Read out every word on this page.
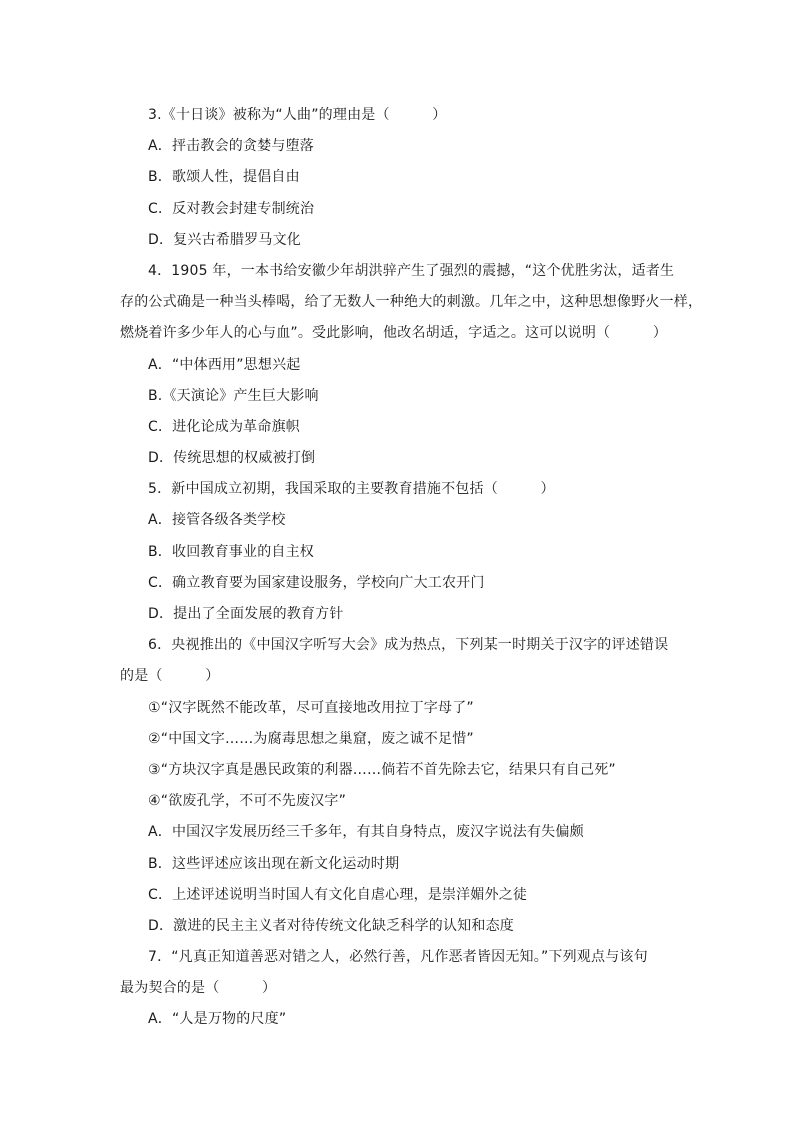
3.《十日谈》被称为“人曲”的理由是（　　　）
A．抨击教会的贪婪与堕落
B．歌颂人性，提倡自由
C．反对教会封建专制统治
D．复兴古希腊罗马文化
4．1905 年，一本书给安徽少年胡洪骍产生了强烈的震撼，“这个优胜劣汰，适者生
存的公式确是一种当头棒喝，给了无数人一种绝大的刺激。几年之中，这种思想像野火一样，
燃烧着许多少年人的心与血”。受此影响，他改名胡适，字适之。这可以说明（　　　）
A．“中体西用”思想兴起
B.《天演论》产生巨大影响
C．进化论成为革命旗帜
D．传统思想的权威被打倒
5．新中国成立初期，我国采取的主要教育措施不包括（　　　）
A．接管各级各类学校
B．收回教育事业的自主权
C．确立教育要为国家建设服务，学校向广大工农开门
D．提出了全面发展的教育方针
6．央视推出的《中国汉字听写大会》成为热点，下列某一时期关于汉字的评述错误
的是（　　　）
①“汉字既然不能改革，尽可直接地改用拉丁字母了”
②“中国文字……为腐毒思想之巢窟，废之诚不足惜”
③“方块汉字真是愚民政策的利器……倘若不首先除去它，结果只有自己死”
④“欲废孔学，不可不先废汉字”
A．中国汉字发展历经三千多年，有其自身特点，废汉字说法有失偏颇
B．这些评述应该出现在新文化运动时期
C．上述评述说明当时国人有文化自虐心理，是崇洋媚外之徒
D．激进的民主主义者对待传统文化缺乏科学的认知和态度
7．“凡真正知道善恶对错之人，必然行善，凡作恶者皆因无知。”下列观点与该句
最为契合的是（　　　）
A．“人是万物的尺度”
